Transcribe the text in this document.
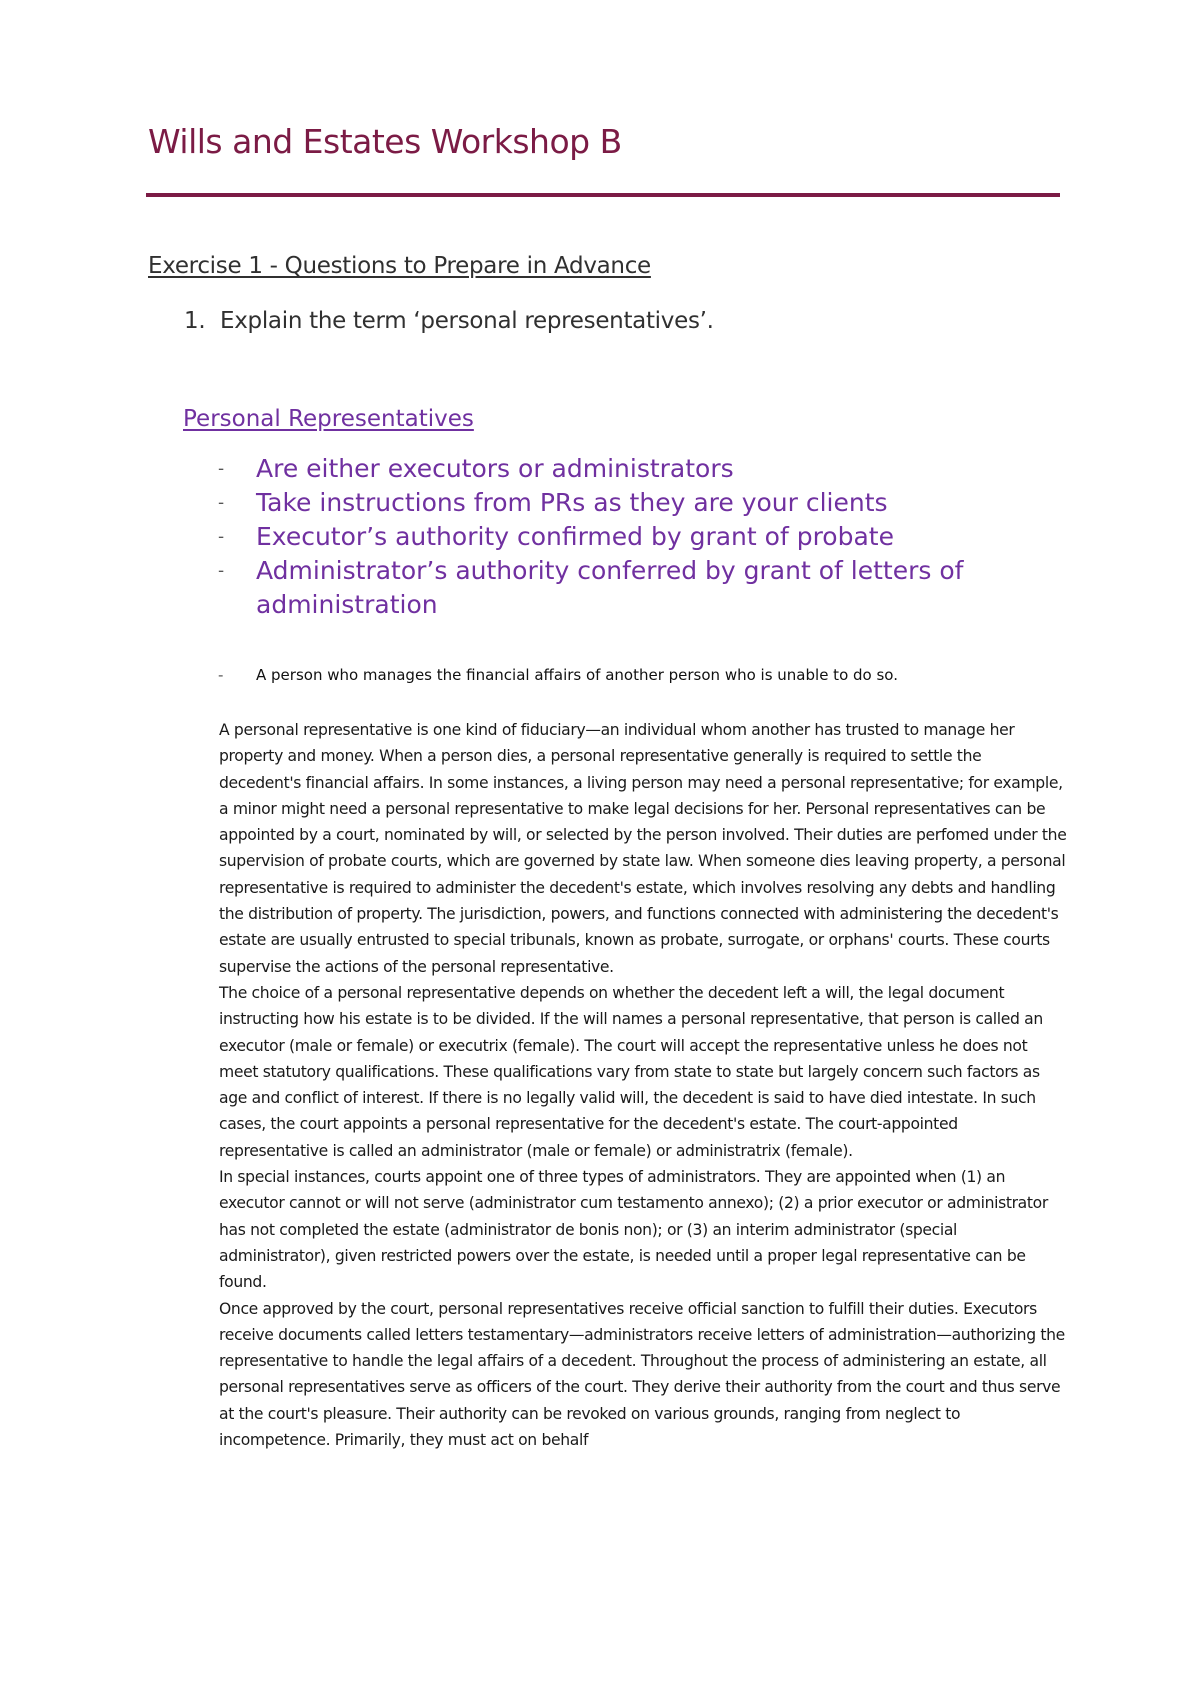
Wills and Estates Workshop B
Exercise 1 - Questions to Prepare in Advance
1. Explain the term ‘personal representatives’.
Personal Representatives
- Are either executors or administrators
- Take instructions from PRs as they are your clients
- Executor’s authority confirmed by grant of probate
- Administrator’s authority conferred by grant of letters of administration
- A person who manages the financial affairs of another person who is unable to do so.

A personal representative is one kind of fiduciary—an individual whom another has trusted to manage her property and money. When a person dies, a personal representative generally is required to settle the decedent's financial affairs. In some instances, a living person may need a personal representative; for example, a minor might need a personal representative to make legal decisions for her. Personal representatives can be appointed by a court, nominated by will, or selected by the person involved. Their duties are perfomed under the supervision of probate courts, which are governed by state law. When someone dies leaving property, a personal representative is required to administer the decedent's estate, which involves resolving any debts and handling the distribution of property. The jurisdiction, powers, and functions connected with administering the decedent's estate are usually entrusted to special tribunals, known as probate, surrogate, or orphans' courts. These courts supervise the actions of the personal representative.

The choice of a personal representative depends on whether the decedent left a will, the legal document instructing how his estate is to be divided. If the will names a personal representative, that person is called an executor (male or female) or executrix (female). The court will accept the representative unless he does not meet statutory qualifications. These qualifications vary from state to state but largely concern such factors as age and conflict of interest. If there is no legally valid will, the decedent is said to have died intestate. In such cases, the court appoints a personal representative for the decedent's estate. The court-appointed representative is called an administrator (male or female) or administratrix (female).

In special instances, courts appoint one of three types of administrators. They are appointed when (1) an executor cannot or will not serve (administrator cum testamento annexo); (2) a prior executor or administrator has not completed the estate (administrator de bonis non); or (3) an interim administrator (special administrator), given restricted powers over the estate, is needed until a proper legal representative can be found.

Once approved by the court, personal representatives receive official sanction to fulfill their duties. Executors receive documents called letters testamentary—administrators receive letters of administration—authorizing the representative to handle the legal affairs of a decedent. Throughout the process of administering an estate, all personal representatives serve as officers of the court. They derive their authority from the court and thus serve at the court's pleasure. Their authority can be revoked on various grounds, ranging from neglect to incompetence. Primarily, they must act on behalf
